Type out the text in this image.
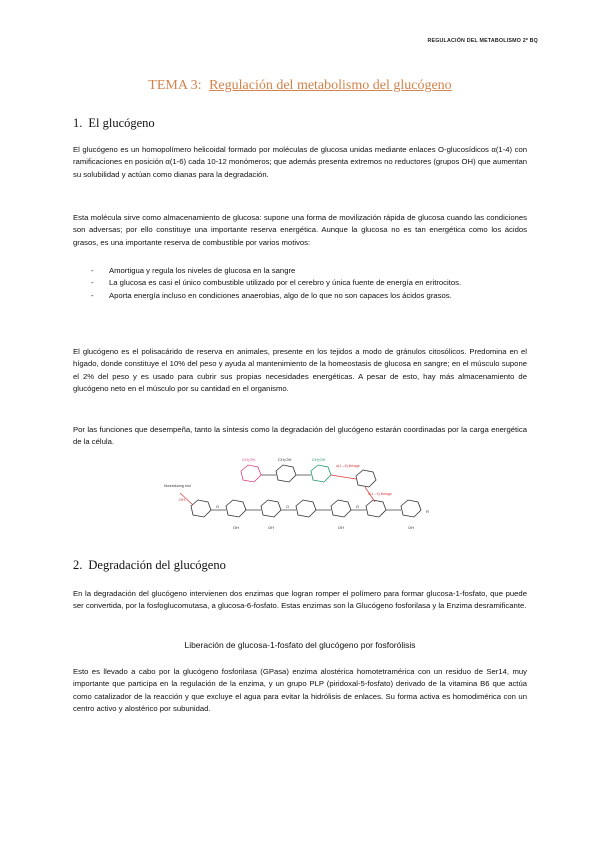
REGULACIÓN DEL METABOLISMO 2º BQ
TEMA 3: Regulación del metabolismo del glucógeno
1. El glucógeno

El glucógeno es un homopolímero helicoidal formado por moléculas de glucosa unidas mediante enlaces O-glucosídicos α(1-4) con ramificaciones en posición α(1-6) cada 10-12 monómeros; que además presenta extremos no reductores (grupos OH) que aumentan su solubilidad y actúan como dianas para la degradación.

Esta molécula sirve como almacenamiento de glucosa: supone una forma de movilización rápida de glucosa cuando las condiciones son adversas; por ello constituye una importante reserva energética. Aunque la glucosa no es tan energética como los ácidos grasos, es una importante reserva de combustible por varios motivos:

- Amortigua y regula los niveles de glucosa en la sangre
- La glucosa es casi el único combustible utilizado por el cerebro y única fuente de energía en eritrocitos.
- Aporta energía incluso en condiciones anaerobias, algo de lo que no son capaces los ácidos grasos.

El glucógeno es el polisacárido de reserva en animales, presente en los tejidos a modo de gránulos citosólicos. Predomina en el hígado, donde constituye el 10% del peso y ayuda al mantenimiento de la homeostasis de glucosa en sangre; en el músculo supone el 2% del peso y es usado para cubrir sus propias necesidades energéticas. A pesar de esto, hay más almacenamiento de glucógeno neto en el músculo por su cantidad en el organismo.

Por las funciones que desempeña, tanto la síntesis como la degradación del glucógeno estarán coordinadas por la carga energética de la célula.

Nonreducing end
CH₂OH	CH₂OH	CH₂OH
α(1→6) linkage
α(1→4) linkage
OH
OH	OH	OH	OH
O	O	O
R
2. Degradación del glucógeno

En la degradación del glucógeno intervienen dos enzimas que logran romper el polímero para formar glucosa-1-fosfato, que puede ser convertida, por la fosfoglucomutasa, a glucosa-6-fosfato. Estas enzimas son la Glucógeno fosforilasa y la Enzima desramificante.

Liberación de glucosa-1-fosfato del glucógeno por fosforólisis

Esto es llevado a cabo por la glucógeno fosforilasa (GPasa) enzima alostérica homotetramérica con un residuo de Ser14, muy importante que participa en la regulación de la enzima, y un grupo PLP (piridoxal-5-fosfato) derivado de la vitamina B6 que actúa como catalizador de la reacción y que excluye el agua para evitar la hidrólisis de enlaces. Su forma activa es homodimérica con un centro activo y alostérico por subunidad.
